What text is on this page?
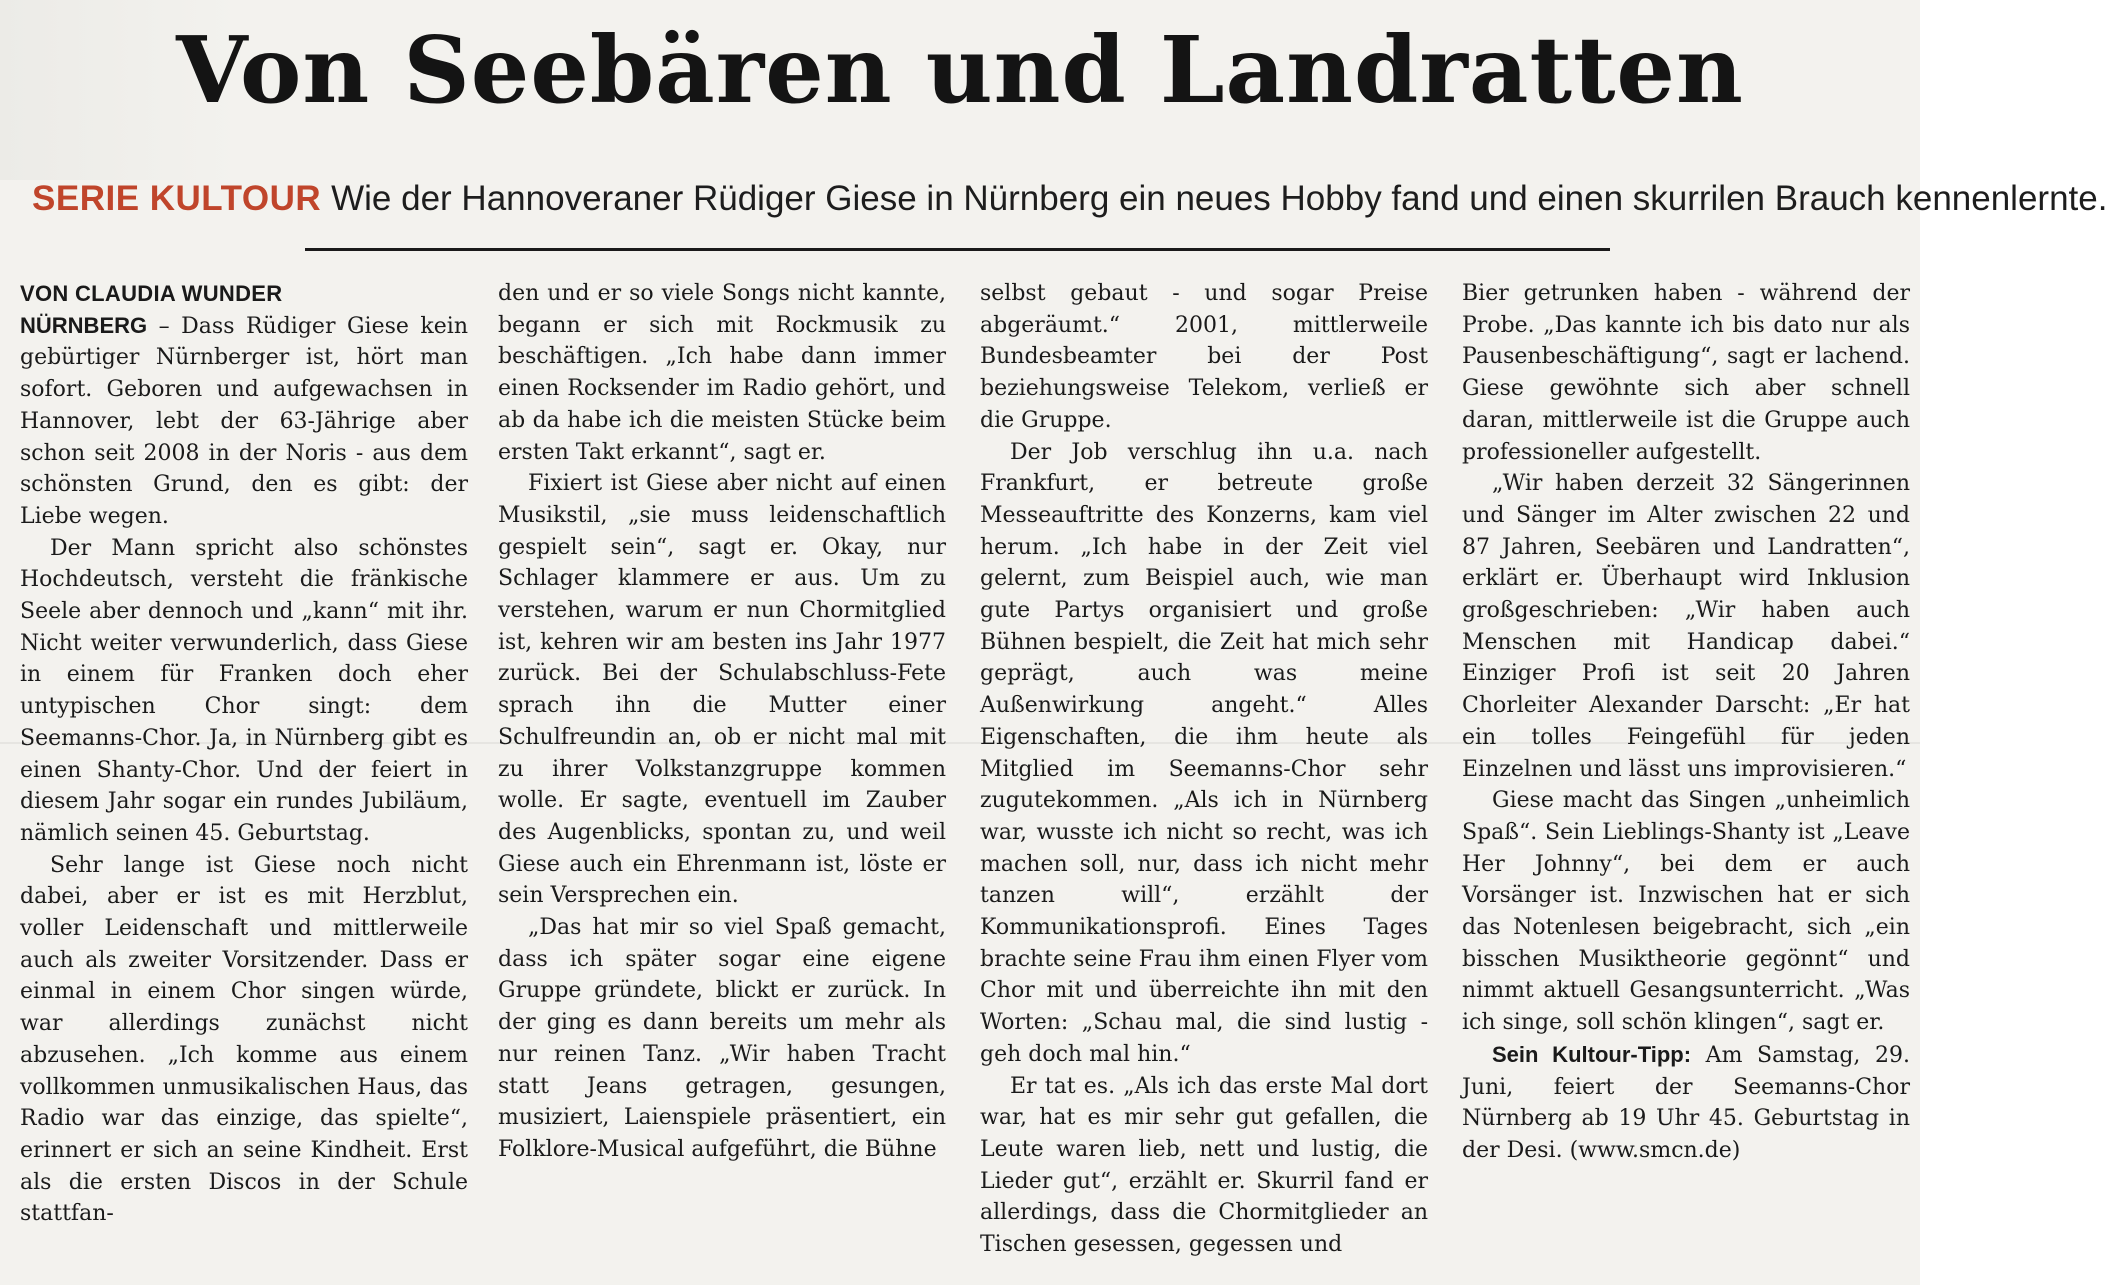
Von Seebären und Landratten
SERIE KULTOUR Wie der Hannoveraner Rüdiger Giese in Nürnberg ein neues Hobby fand und einen skurrilen Brauch kennenlernte.

VON CLAUDIA WUNDER

NÜRNBERG – Dass Rüdiger Giese kein gebürtiger Nürnberger ist, hört man sofort. Geboren und aufgewachsen in Hannover, lebt der 63-Jährige aber schon seit 2008 in der Noris - aus dem schönsten Grund, den es gibt: der Liebe wegen.

Der Mann spricht also schönstes Hochdeutsch, versteht die fränkische Seele aber dennoch und „kann“ mit ihr. Nicht weiter verwunderlich, dass Giese in einem für Franken doch eher untypischen Chor singt: dem Seemanns-Chor. Ja, in Nürnberg gibt es einen Shanty-Chor. Und der feiert in diesem Jahr sogar ein rundes Jubiläum, nämlich seinen 45. Geburtstag.

Sehr lange ist Giese noch nicht dabei, aber er ist es mit Herzblut, voller Leidenschaft und mittlerweile auch als zweiter Vorsitzender. Dass er einmal in einem Chor singen würde, war allerdings zunächst nicht abzusehen. „Ich komme aus einem vollkommen unmusikalischen Haus, das Radio war das einzige, das spielte“, erinnert er sich an seine Kindheit. Erst als die ersten Discos in der Schule stattfan-

den und er so viele Songs nicht kannte, begann er sich mit Rockmusik zu beschäftigen. „Ich habe dann immer einen Rocksender im Radio gehört, und ab da habe ich die meisten Stücke beim ersten Takt erkannt“, sagt er.

Fixiert ist Giese aber nicht auf einen Musikstil, „sie muss leidenschaftlich gespielt sein“, sagt er. Okay, nur Schlager klammere er aus. Um zu verstehen, warum er nun Chormitglied ist, kehren wir am besten ins Jahr 1977 zurück. Bei der Schulabschluss-Fete sprach ihn die Mutter einer Schulfreundin an, ob er nicht mal mit zu ihrer Volkstanzgruppe kommen wolle. Er sagte, eventuell im Zauber des Augenblicks, spontan zu, und weil Giese auch ein Ehrenmann ist, löste er sein Versprechen ein.

„Das hat mir so viel Spaß gemacht, dass ich später sogar eine eigene Gruppe gründete, blickt er zurück. In der ging es dann bereits um mehr als nur reinen Tanz. „Wir haben Tracht statt Jeans getragen, gesungen, musiziert, Laienspiele präsentiert, ein Folklore-Musical aufgeführt, die Bühne

selbst gebaut - und sogar Preise abgeräumt.“ 2001, mittlerweile Bundesbeamter bei der Post beziehungsweise Telekom, verließ er die Gruppe.

Der Job verschlug ihn u.a. nach Frankfurt, er betreute große Messeauftritte des Konzerns, kam viel herum. „Ich habe in der Zeit viel gelernt, zum Beispiel auch, wie man gute Partys organisiert und große Bühnen bespielt, die Zeit hat mich sehr geprägt, auch was meine Außenwirkung angeht.“ Alles Eigenschaften, die ihm heute als Mitglied im Seemanns-Chor sehr zugutekommen. „Als ich in Nürnberg war, wusste ich nicht so recht, was ich machen soll, nur, dass ich nicht mehr tanzen will“, erzählt der Kommunikationsprofi. Eines Tages brachte seine Frau ihm einen Flyer vom Chor mit und überreichte ihn mit den Worten: „Schau mal, die sind lustig - geh doch mal hin.“

Er tat es. „Als ich das erste Mal dort war, hat es mir sehr gut gefallen, die Leute waren lieb, nett und lustig, die Lieder gut“, erzählt er. Skurril fand er allerdings, dass die Chormitglieder an Tischen gesessen, gegessen und

Bier getrunken haben - während der Probe. „Das kannte ich bis dato nur als Pausenbeschäftigung“, sagt er lachend. Giese gewöhnte sich aber schnell daran, mittlerweile ist die Gruppe auch professioneller aufgestellt.

„Wir haben derzeit 32 Sängerinnen und Sänger im Alter zwischen 22 und 87 Jahren, Seebären und Landratten“, erklärt er. Überhaupt wird Inklusion großgeschrieben: „Wir haben auch Menschen mit Handicap dabei.“ Einziger Profi ist seit 20 Jahren Chorleiter Alexander Darscht: „Er hat ein tolles Feingefühl für jeden Einzelnen und lässt uns improvisieren.“

Giese macht das Singen „unheimlich Spaß“. Sein Lieblings-Shanty ist „Leave Her Johnny“, bei dem er auch Vorsänger ist. Inzwischen hat er sich das Notenlesen beigebracht, sich „ein bisschen Musiktheorie gegönnt“ und nimmt aktuell Gesangsunterricht. „Was ich singe, soll schön klingen“, sagt er.

Sein Kultour-Tipp: Am Samstag, 29. Juni, feiert der Seemanns-Chor Nürnberg ab 19 Uhr 45. Geburtstag in der Desi. (www.smcn.de)
